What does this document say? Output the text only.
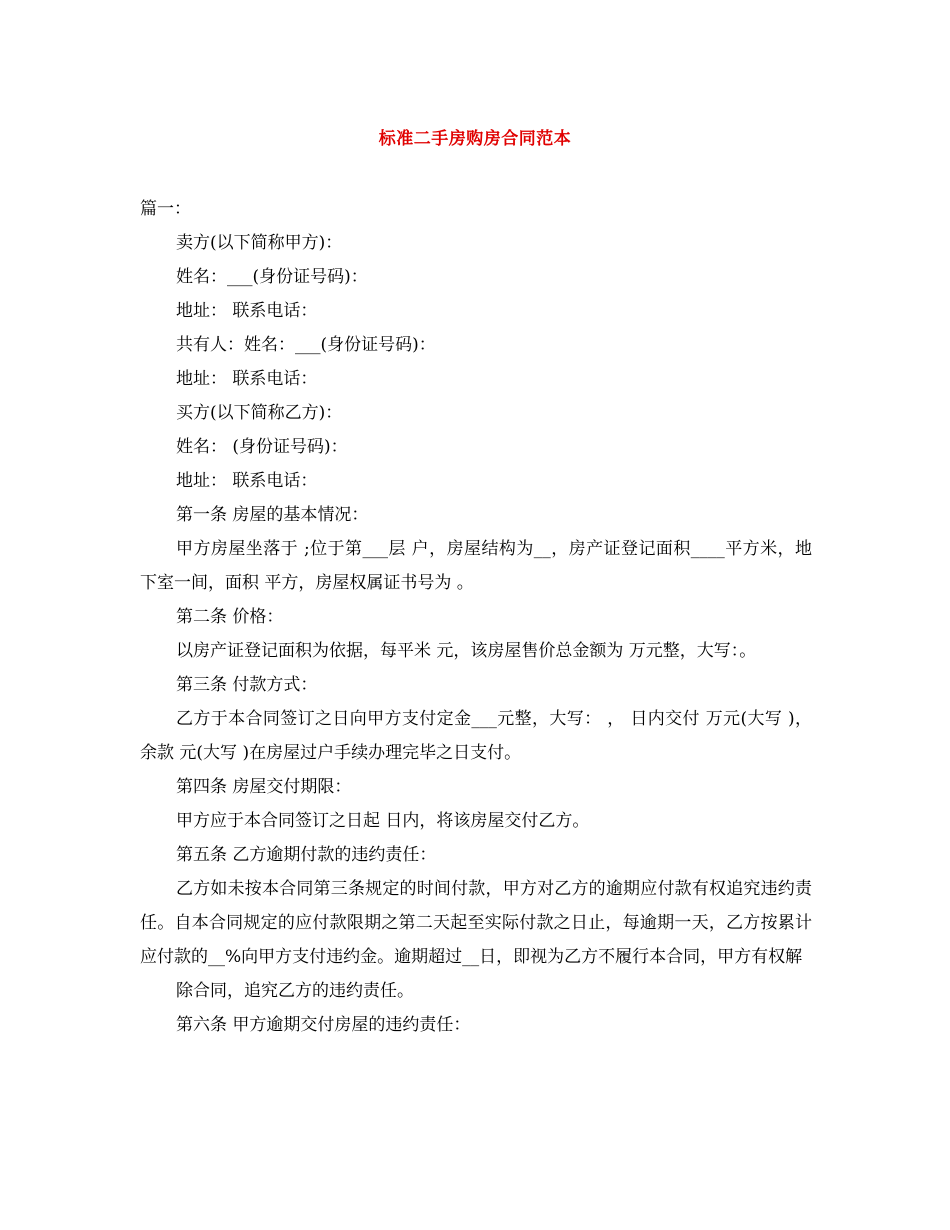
标准二手房购房合同范本

篇一：

卖方(以下简称甲方)：

姓名：___(身份证号码)：

地址： 联系电话：

共有人：姓名：___(身份证号码)：

地址： 联系电话：

买方(以下简称乙方)：

姓名： (身份证号码)：

地址： 联系电话：

第一条 房屋的基本情况：

甲方房屋坐落于 ;位于第___层 户，房屋结构为__，房产证登记面积____平方米，地下室一间，面积 平方，房屋权属证书号为 。

第二条 价格：

以房产证登记面积为依据，每平米 元，该房屋售价总金额为 万元整，大写：。

第三条 付款方式：

乙方于本合同签订之日向甲方支付定金___元整，大写： ， 日内交付 万元(大写 )，余款 元(大写 )在房屋过户手续办理完毕之日支付。

第四条 房屋交付期限：

甲方应于本合同签订之日起 日内，将该房屋交付乙方。

第五条 乙方逾期付款的违约责任：

乙方如未按本合同第三条规定的时间付款，甲方对乙方的逾期应付款有权追究违约责任。自本合同规定的应付款限期之第二天起至实际付款之日止，每逾期一天，乙方按累计应付款的__%向甲方支付违约金。逾期超过__日，即视为乙方不履行本合同，甲方有权解

除合同，追究乙方的违约责任。

第六条 甲方逾期交付房屋的违约责任：
